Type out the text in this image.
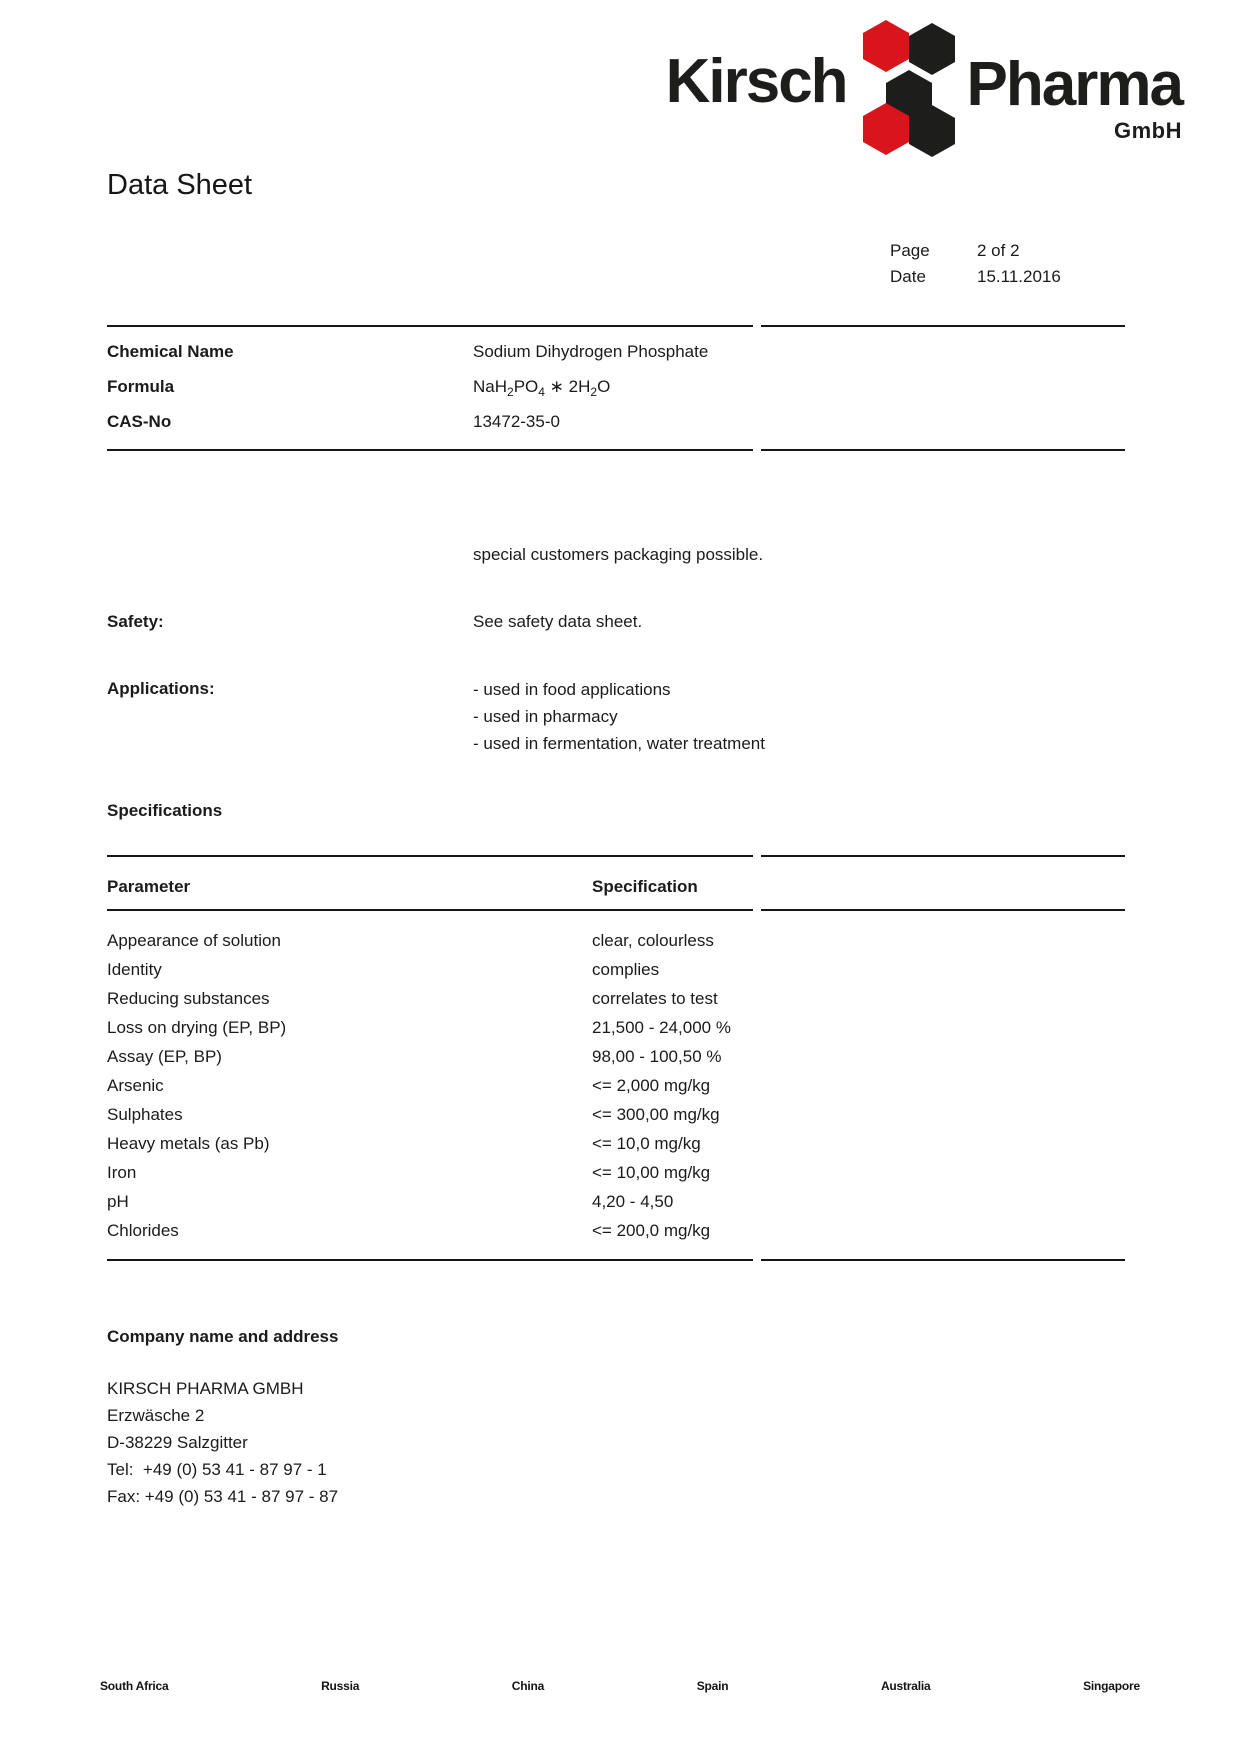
Kirsch Pharma
GmbH
Data Sheet
Page	2 of 2
Date	15.11.2016
Chemical Name	Sodium Dihydrogen Phosphate
Formula	$NaH_2PO_4$ ∗ $2H_2O$
CAS-No	13472-35-0
special customers packaging possible.
Safety:	See safety data sheet.
Applications:	- used in food applications
- used in pharmacy
- used in fermentation, water treatment
Specifications
Parameter	Specification
Appearance of solution	clear, colourless
Identity	complies
Reducing substances	correlates to test
Loss on drying (EP, BP)	21,500 - 24,000 %
Assay (EP, BP)	98,00 - 100,50 %
Arsenic	<= 2,000 mg/kg
Sulphates	<= 300,00 mg/kg
Heavy metals (as Pb)	<= 10,0 mg/kg
Iron	<= 10,00 mg/kg
pH	4,20 - 4,50
Chlorides	<= 200,0 mg/kg
Company name and address
KIRSCH PHARMA GMBH
Erzwäsche 2
D-38229 Salzgitter
Tel:  +49 (0) 53 41 - 87 97 - 1
Fax: +49 (0) 53 41 - 87 97 - 87
South Africa	Russia	China	Spain	Australia	Singapore
